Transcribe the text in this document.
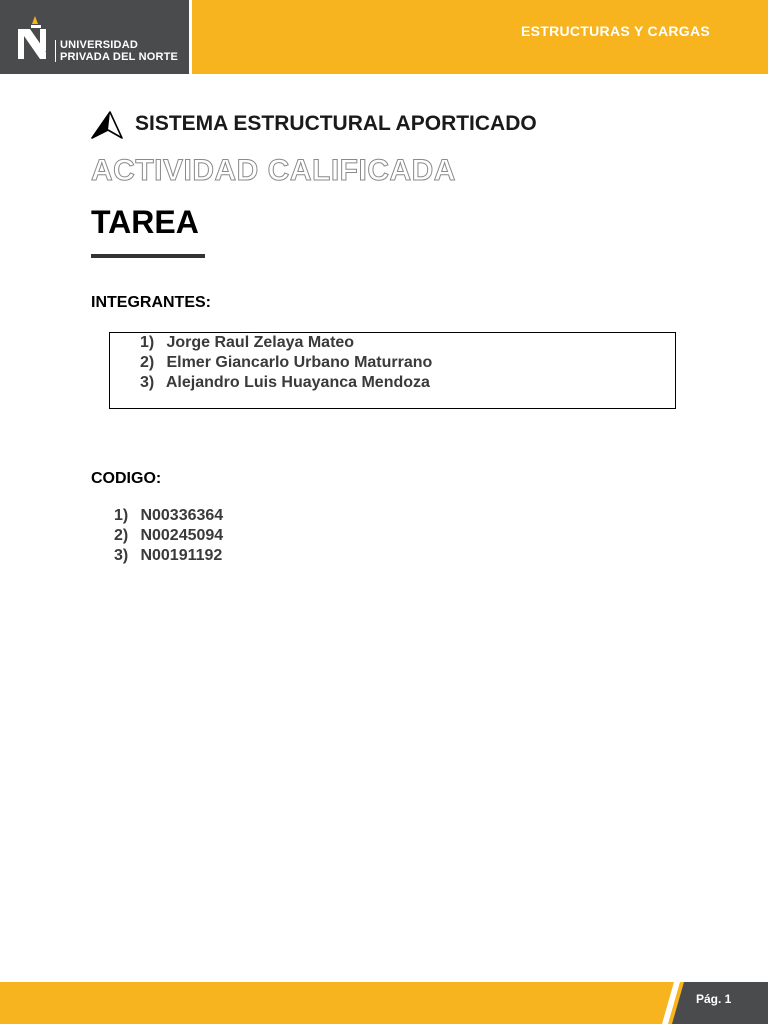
UNIVERSIDAD
PRIVADA DEL NORTE
ESTRUCTURAS Y CARGAS
SISTEMA ESTRUCTURAL APORTICADO
ACTIVIDAD CALIFICADA
TAREA
INTEGRANTES:
1) Jorge Raul Zelaya Mateo
2) Elmer Giancarlo Urbano Maturrano
3) Alejandro Luis Huayanca Mendoza
CODIGO:
1) N00336364
2) N00245094
3) N00191192
Pág. 1
